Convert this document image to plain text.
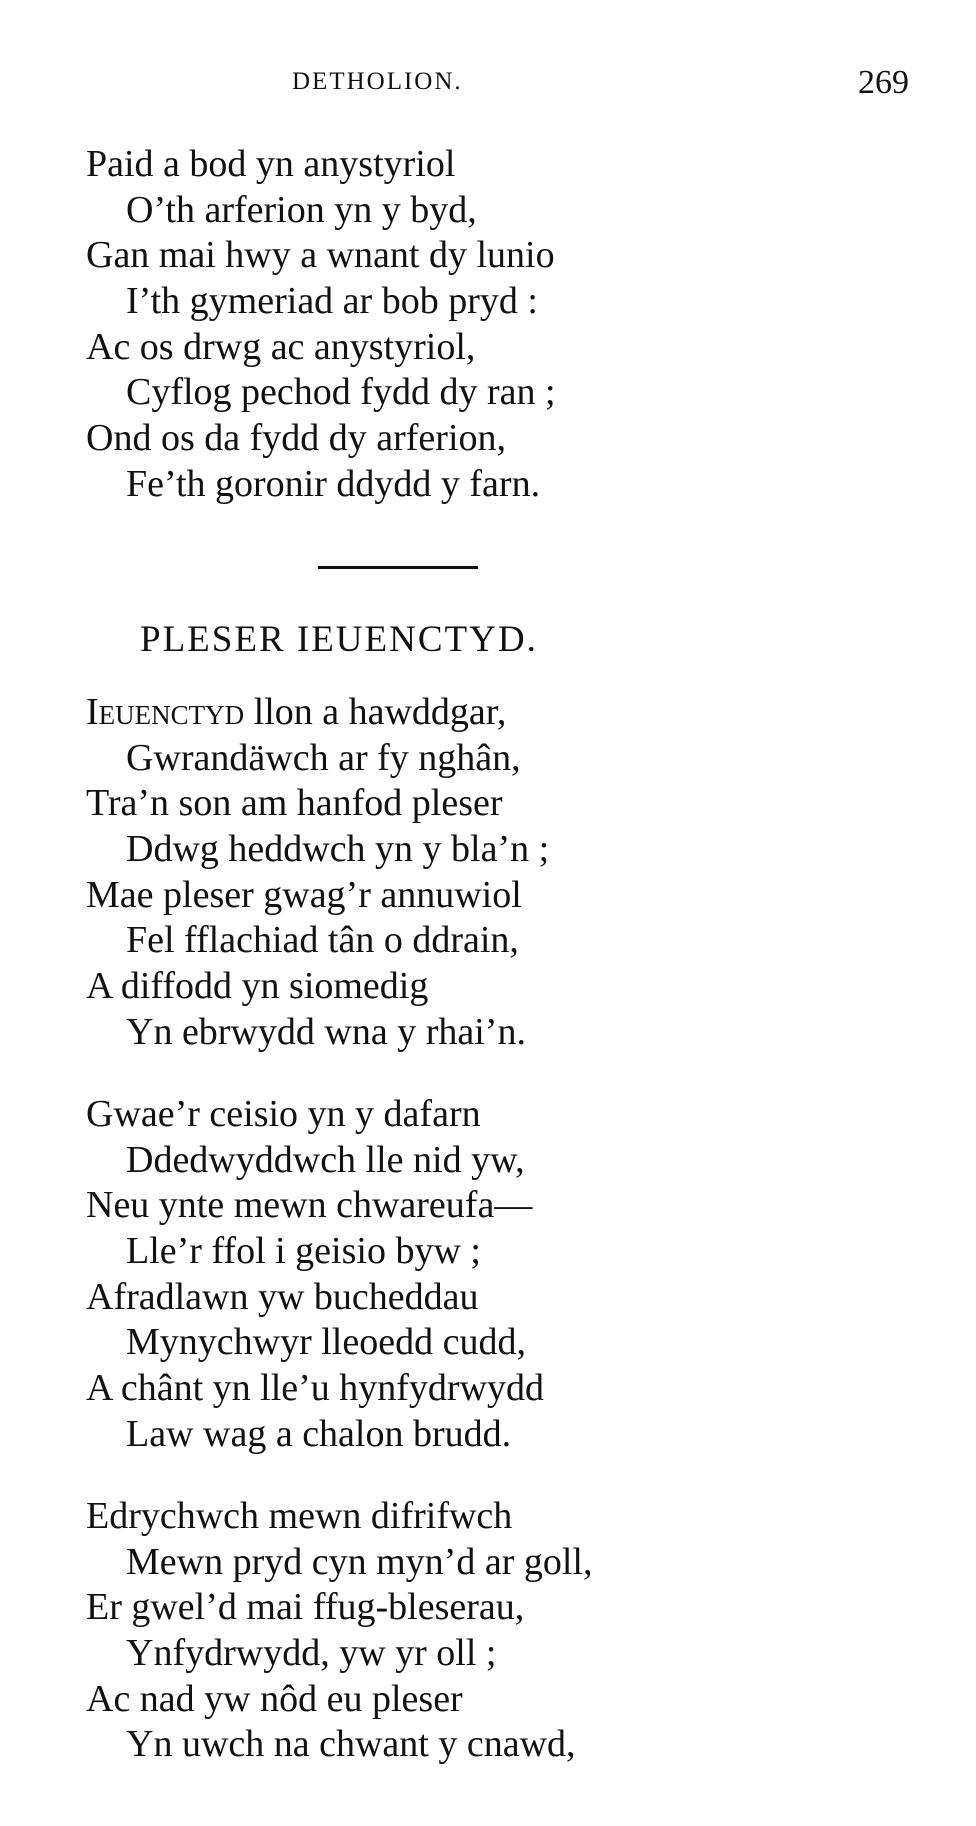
DETHOLION.	269
Paid a bod yn anystyriol
O’th arferion yn y byd,
Gan mai hwy a wnant dy lunio
I’th gymeriad ar bob pryd :
Ac os drwg ac anystyriol,
Cyflog pechod fydd dy ran ;
Ond os da fydd dy arferion,
Fe’th goronir ddydd y farn.
PLESER IEUENCTYD.
Ieuenctyd llon a hawddgar,
Gwrandäwch ar fy nghân,
Tra’n son am hanfod pleser
Ddwg heddwch yn y bla’n ;
Mae pleser gwag’r annuwiol
Fel fflachiad tân o ddrain,
A diffodd yn siomedig
Yn ebrwydd wna y rhai’n.
Gwae’r ceisio yn y dafarn
Ddedwyddwch lle nid yw,
Neu ynte mewn chwareufa—
Lle’r ffol i geisio byw ;
Afradlawn yw bucheddau
Mynychwyr lleoedd cudd,
A chânt yn lle’u hynfydrwydd
Law wag a chalon brudd.
Edrychwch mewn difrifwch
Mewn pryd cyn myn’d ar goll,
Er gwel’d mai ffug-bleserau,
Ynfydrwydd, yw yr oll ;
Ac nad yw nôd eu pleser
Yn uwch na chwant y cnawd,
